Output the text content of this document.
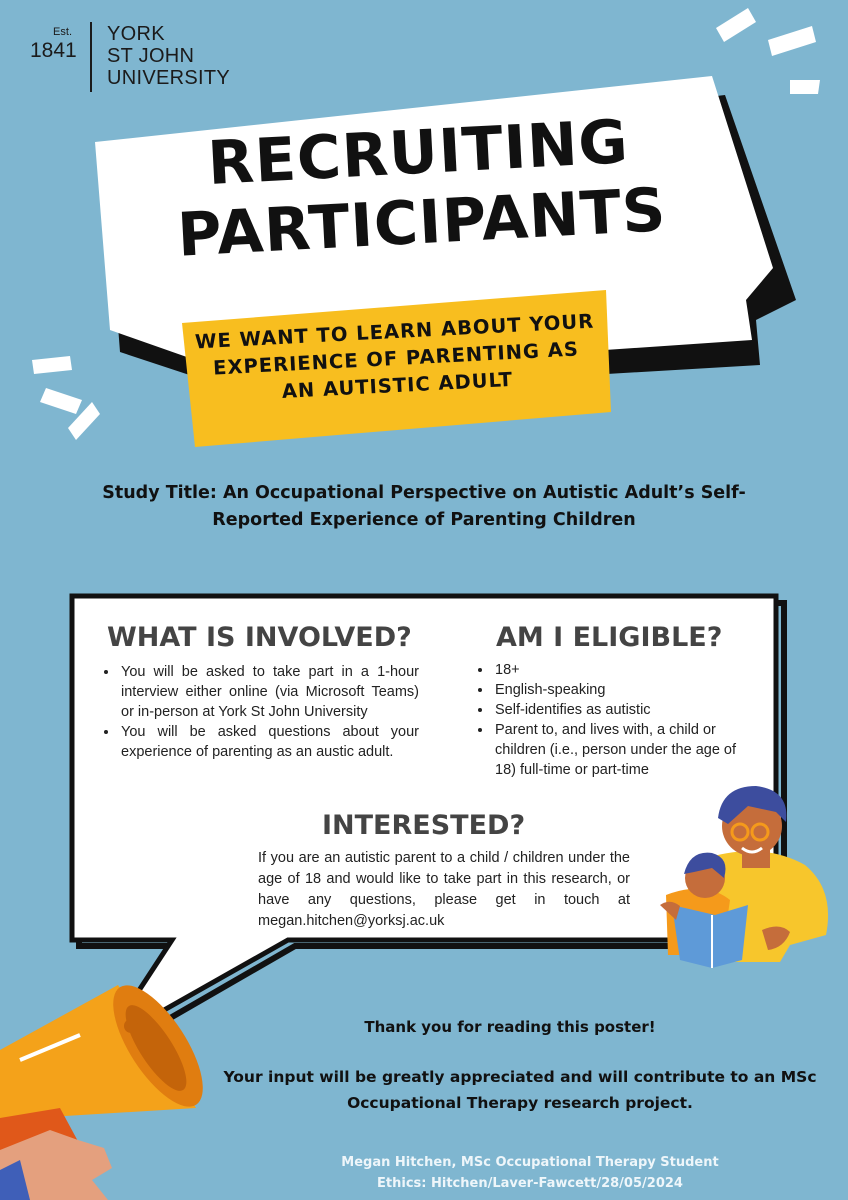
Est.
1841
YORK
ST JOHN
UNIVERSITY
RECRUITING
PARTICIPANTS
WE WANT TO LEARN ABOUT YOUR EXPERIENCE OF PARENTING AS AN AUTISTIC ADULT
Study Title: An Occupational Perspective on Autistic Adult’s Self-Reported Experience of Parenting Children
WHAT IS INVOLVED?
• You will be asked to take part in a 1-hour interview either online (via Microsoft Teams) or in-person at York St John University
• You will be asked questions about your experience of parenting as an austic adult.
AM I ELIGIBLE?
• 18+
• English-speaking
• Self-identifies as autistic
• Parent to, and lives with, a child or children (i.e., person under the age of 18) full-time or part-time
INTERESTED?

If you are an autistic parent to a child / children under the age of 18 and would like to take part in this research, or have any questions, please get in touch at megan.hitchen@yorksj.ac.uk

Thank you for reading this poster!
Your input will be greatly appreciated and will contribute to an MSc Occupational Therapy research project.
Megan Hitchen, MSc Occupational Therapy Student
Ethics: Hitchen/Laver-Fawcett/28/05/2024
